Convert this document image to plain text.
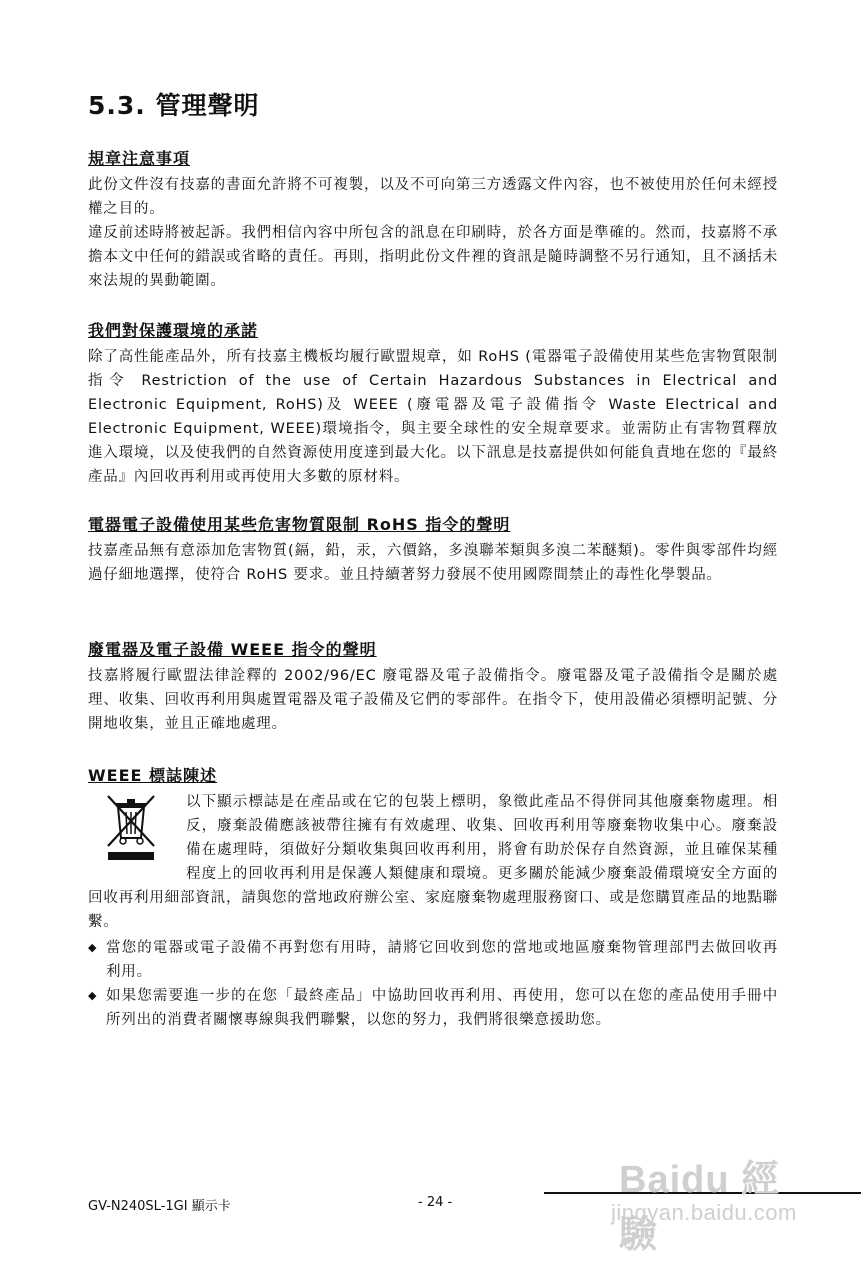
5.3. 管理聲明
規章注意事項

此份文件沒有技嘉的書面允許將不可複製，以及不可向第三方透露文件內容，也不被使用於任何未經授權之目的。

違反前述時將被起訴。我們相信內容中所包含的訊息在印刷時，於各方面是準確的。然而，技嘉將不承擔本文中任何的錯誤或省略的責任。再則，指明此份文件裡的資訊是隨時調整不另行通知，且不涵括未來法規的異動範圍。

我們對保護環境的承諾

除了高性能產品外，所有技嘉主機板均履行歐盟規章，如 RoHS (電器電子設備使用某些危害物質限制指令 Restriction of the use of Certain Hazardous Substances in Electrical and Electronic Equipment, RoHS)及 WEEE (廢電器及電子設備指令 Waste Electrical and Electronic Equipment, WEEE)環境指令，與主要全球性的安全規章要求。並需防止有害物質釋放進入環境，以及使我們的自然資源使用度達到最大化。以下訊息是技嘉提供如何能負責地在您的『最終產品』內回收再利用或再使用大多數的原材料。

電器電子設備使用某些危害物質限制 RoHS 指令的聲明

技嘉產品無有意添加危害物質(鎘，鉛，汞，六價鉻，多溴聯苯類與多溴二苯醚類)。零件與零部件均經過仔細地選擇，使符合 RoHS 要求。並且持續著努力發展不使用國際間禁止的毒性化學製品。

廢電器及電子設備 WEEE 指令的聲明

技嘉將履行歐盟法律詮釋的 2002/96/EC 廢電器及電子設備指令。廢電器及電子設備指令是關於處理、收集、回收再利用與處置電器及電子設備及它們的零部件。在指令下，使用設備必須標明記號、分開地收集，並且正確地處理。

WEEE 標誌陳述

以下顯示標誌是在產品或在它的包裝上標明，象徵此產品不得併同其他廢棄物處理。相反，廢棄設備應該被帶往擁有有效處理、收集、回收再利用等廢棄物收集中心。廢棄設備在處理時，須做好分類收集與回收再利用，將會有助於保存自然資源，並且確保某種程度上的回收再利用是保護人類健康和環境。更多關於能減少廢棄設備環境安全方面的回收再利用細部資訊，請與您的當地政府辦公室、家庭廢棄物處理服務窗口、或是您購買產品的地點聯繫。

◆ 當您的電器或電子設備不再對您有用時，請將它回收到您的當地或地區廢棄物管理部門去做回收再利用。
◆ 如果您需要進一步的在您「最終產品」中協助回收再利用、再使用，您可以在您的產品使用手冊中所列出的消費者關懷專線與我們聯繫，以您的努力，我們將很樂意援助您。
GV-N240SL-1GI 顯示卡	- 24 -
Baidu 經驗
jingyan.baidu.com
